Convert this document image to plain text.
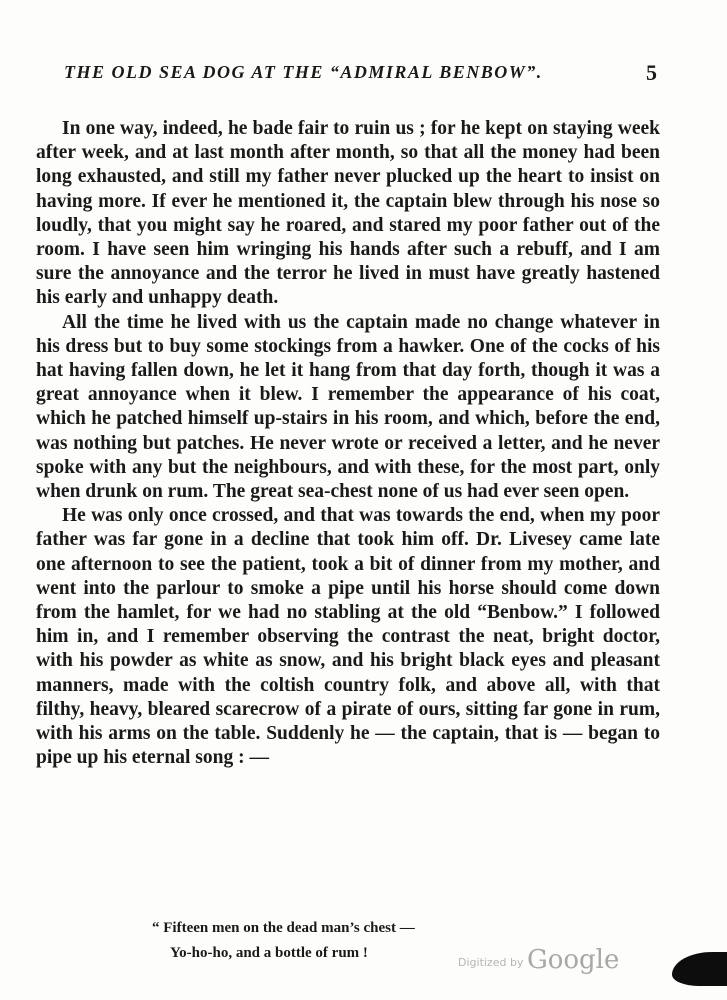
THE OLD SEA DOG AT THE “ADMIRAL BENBOW”.	5

In one way, indeed, he bade fair to ruin us ; for he kept on staying week after week, and at last month after month, so that all the money had been long exhausted, and still my father never plucked up the heart to insist on having more. If ever he mentioned it, the captain blew through his nose so loudly, that you might say he roared, and stared my poor father out of the room. I have seen him wringing his hands after such a rebuff, and I am sure the annoyance and the terror he lived in must have greatly hastened his early and unhappy death.

All the time he lived with us the captain made no change whatever in his dress but to buy some stockings from a hawker. One of the cocks of his hat having fallen down, he let it hang from that day forth, though it was a great annoyance when it blew. I remember the appearance of his coat, which he patched himself up-stairs in his room, and which, before the end, was nothing but patches. He never wrote or received a letter, and he never spoke with any but the neighbours, and with these, for the most part, only when drunk on rum. The great sea-chest none of us had ever seen open.

He was only once crossed, and that was towards the end, when my poor father was far gone in a decline that took him off. Dr. Livesey came late one afternoon to see the patient, took a bit of dinner from my mother, and went into the parlour to smoke a pipe until his horse should come down from the hamlet, for we had no stabling at the old “Benbow.” I followed him in, and I remember observing the contrast the neat, bright doctor, with his powder as white as snow, and his bright black eyes and pleasant manners, made with the coltish country folk, and above all, with that filthy, heavy, bleared scarecrow of a pirate of ours, sitting far gone in rum, with his arms on the table. Suddenly he — the captain, that is — began to pipe up his eternal song : —

“ Fifteen men on the dead man’s chest —
Yo-ho-ho, and a bottle of rum !
Digitized by Google
